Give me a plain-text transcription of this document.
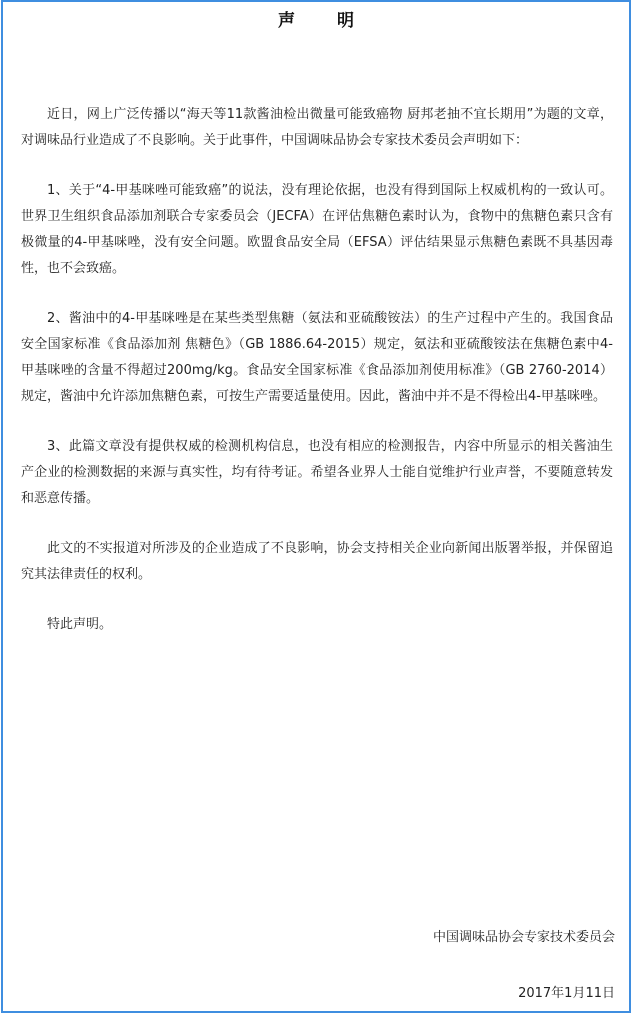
声 明

近日，网上广泛传播以“海天等11款酱油检出微量可能致癌物 厨邦老抽不宜长期用”为题的文章，对调味品行业造成了不良影响。关于此事件，中国调味品协会专家技术委员会声明如下：

1、关于“4-甲基咪唑可能致癌”的说法，没有理论依据，也没有得到国际上权威机构的一致认可。世界卫生组织食品添加剂联合专家委员会（JECFA）在评估焦糖色素时认为，食物中的焦糖色素只含有极微量的4-甲基咪唑，没有安全问题。欧盟食品安全局（EFSA）评估结果显示焦糖色素既不具基因毒性，也不会致癌。

2、酱油中的4-甲基咪唑是在某些类型焦糖（氨法和亚硫酸铵法）的生产过程中产生的。我国食品安全国家标准《食品添加剂 焦糖色》（GB 1886.64-2015）规定，氨法和亚硫酸铵法在焦糖色素中4-甲基咪唑的含量不得超过200mg/kg。食品安全国家标准《食品添加剂使用标准》（GB 2760-2014）规定，酱油中允许添加焦糖色素，可按生产需要适量使用。因此，酱油中并不是不得检出4-甲基咪唑。

3、此篇文章没有提供权威的检测机构信息，也没有相应的检测报告，内容中所显示的相关酱油生产企业的检测数据的来源与真实性，均有待考证。希望各业界人士能自觉维护行业声誉，不要随意转发和恶意传播。

此文的不实报道对所涉及的企业造成了不良影响，协会支持相关企业向新闻出版署举报，并保留追究其法律责任的权利。

特此声明。

中国调味品协会专家技术委员会
2017年1月11日
